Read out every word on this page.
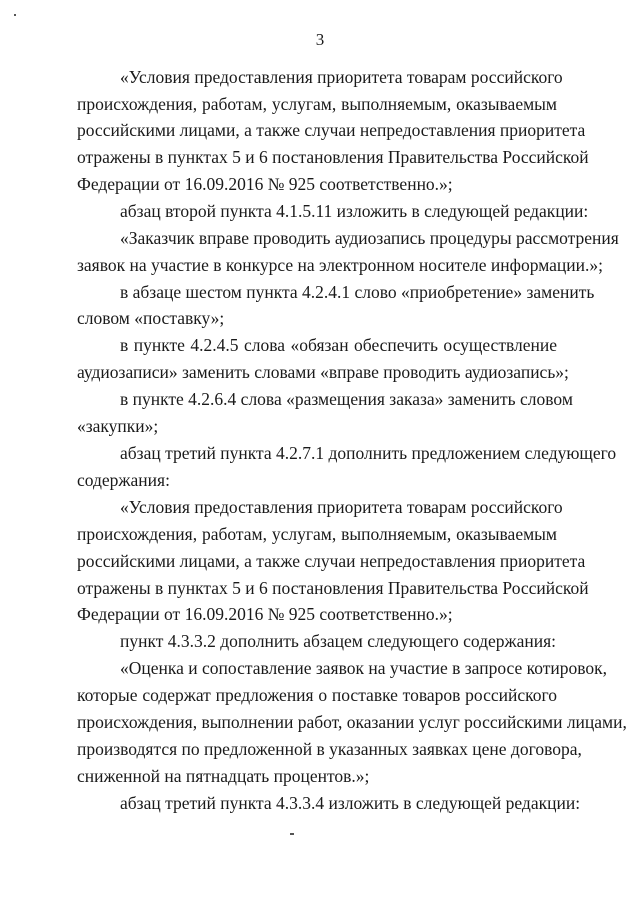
3
«Условия предоставления приоритета товарам российского
происхождения, работам, услугам, выполняемым, оказываемым
российскими лицами, а также случаи непредоставления приоритета
отражены в пунктах 5 и 6 постановления Правительства Российской
Федерации от 16.09.2016 № 925 соответственно.»;
абзац второй пункта 4.1.5.11 изложить в следующей редакции:
«Заказчик вправе проводить аудиозапись процедуры рассмотрения
заявок на участие в конкурсе на электронном носителе информации.»;
в абзаце шестом пункта 4.2.4.1 слово «приобретение» заменить
словом «поставку»;
в пункте 4.2.4.5 слова «обязан обеспечить осуществление
аудиозаписи» заменить словами «вправе проводить аудиозапись»;
в пункте 4.2.6.4 слова «размещения заказа» заменить словом
«закупки»;
абзац третий пункта 4.2.7.1 дополнить предложением следующего
содержания:
«Условия предоставления приоритета товарам российского
происхождения, работам, услугам, выполняемым, оказываемым
российскими лицами, а также случаи непредоставления приоритета
отражены в пунктах 5 и 6 постановления Правительства Российской
Федерации от 16.09.2016 № 925 соответственно.»;
пункт 4.3.3.2 дополнить абзацем следующего содержания:
«Оценка и сопоставление заявок на участие в запросе котировок,
которые содержат предложения о поставке товаров российского
происхождения, выполнении работ, оказании услуг российскими лицами,
производятся по предложенной в указанных заявках цене договора,
сниженной на пятнадцать процентов.»;
абзац третий пункта 4.3.3.4 изложить в следующей редакции:
